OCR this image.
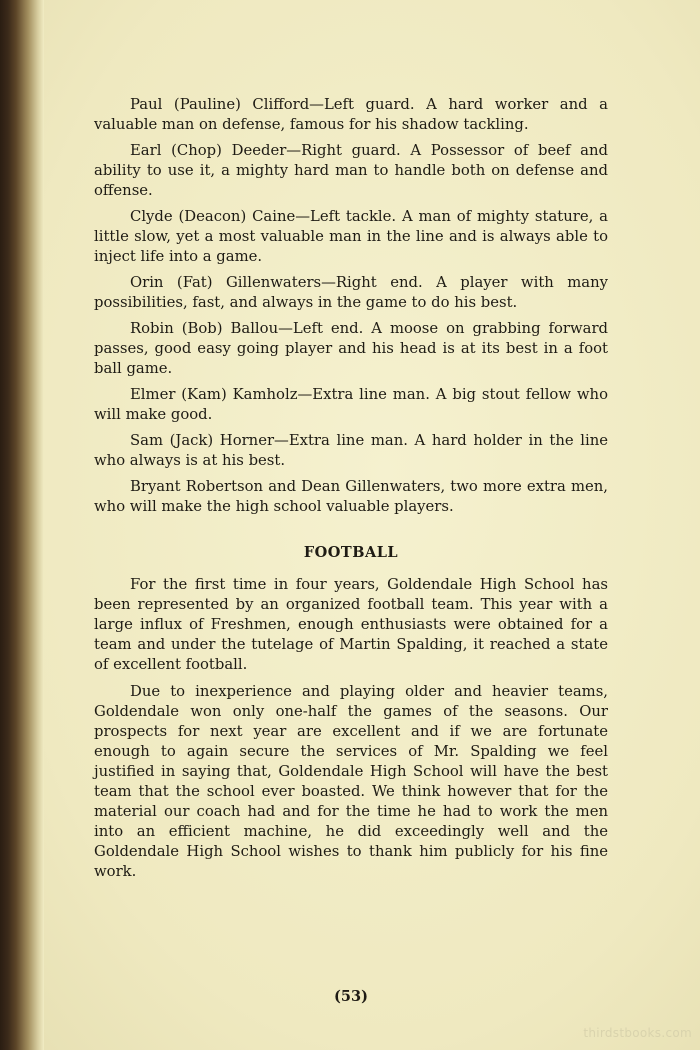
Paul (Pauline) Clifford—Left guard. A hard worker and a valuable man on defense, famous for his shadow tackling.

Earl (Chop) Deeder—Right guard. A Possessor of beef and ability to use it, a mighty hard man to handle both on defense and offense.

Clyde (Deacon) Caine—Left tackle. A man of mighty stature, a little slow, yet a most valuable man in the line and is always able to inject life into a game.

Orin (Fat) Gillenwaters—Right end. A player with many possibilities, fast, and always in the game to do his best.

Robin (Bob) Ballou—Left end. A moose on grabbing forward passes, good easy going player and his head is at its best in a foot ball game.

Elmer (Kam) Kamholz—Extra line man. A big stout fellow who will make good.

Sam (Jack) Horner—Extra line man. A hard holder in the line who always is at his best.

Bryant Robertson and Dean Gillenwaters, two more extra men, who will make the high school valuable players.

FOOTBALL

For the first time in four years, Goldendale High School has been represented by an organized football team. This year with a large influx of Freshmen, enough enthusiasts were obtained for a team and under the tutelage of Martin Spalding, it reached a state of excellent football.

Due to inexperience and playing older and heavier teams, Goldendale won only one-half the games of the seasons. Our prospects for next year are excellent and if we are fortunate enough to again secure the services of Mr. Spalding we feel justified in saying that, Goldendale High School will have the best team that the school ever boasted. We think however that for the material our coach had and for the time he had to work the men into an efficient machine, he did exceedingly well and the Goldendale High School wishes to thank him publicly for his fine work.

(53)
thirdstbooks.com
